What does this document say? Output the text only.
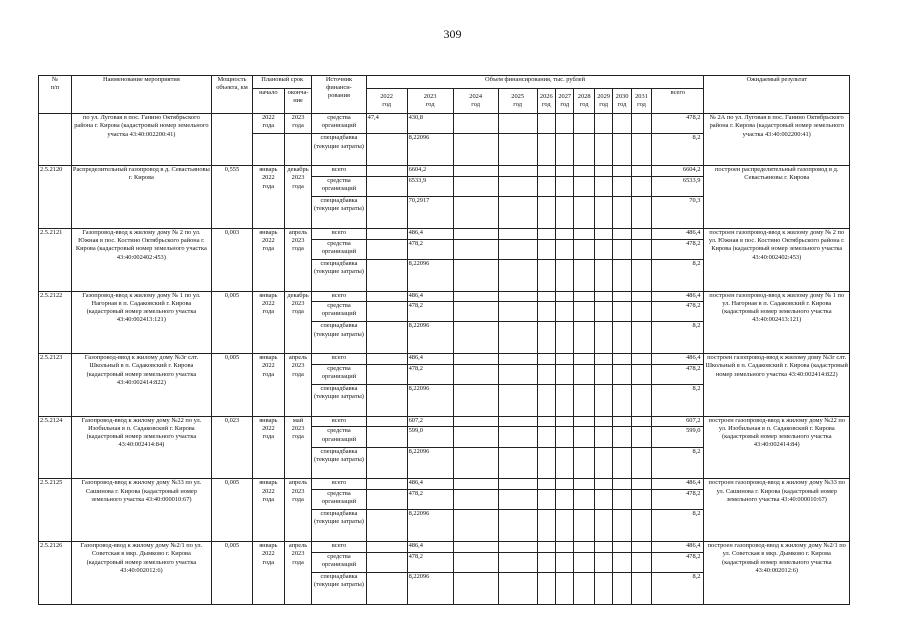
309
№
п/п	Наименование мероприятия	Мощность объекта, км	Плановый срок		Источник финанси-
рования	Объем финансирования, тыс. рублей											Ожидаемый результат
			начало	оконча-
ние		2022
год	2023
год	2024
год	2025
год	2026
год	2027
год	2028
год	2029
год	2030
год	2031
год	всего	
	по ул. Луговая в пос. Ганино Октябрьского района г. Кирова (кадастровый номер земельного участка 43:40:002200:41)		2022
года	2023
года	средства организаций	47,4	430,8									478,2	№ 2А по ул. Луговая в пос. Ганино Октябрьского района г. Кирова (кадастровый номер земельного участка 43:40:002200:41)
					спецнадбавка (текущие затраты)		8,22096									8,2	
2.5.2120	Распределительный газопровод в д. Севастьяновы г. Кирова	0,555	январь
2022
года	декабрь
2023
года	всего		6604,2									6604,2	построен распределительный газопровод в д. Севастьяновы г. Кирова
					средства организаций		6533,9									6533,9	
					спецнадбавка (текущие затраты)		70,2917									70,3	
2.5.2121	Газопровод-ввод к жилому дому № 2 по ул. Южная в пос. Костино Октябрьского района г. Кирова (кадастровый номер земельного участка 43:40:002402:453)	0,003	январь
2022
года	апрель
2023
года	всего		486,4									486,4	построен газопровод-ввод к жилому дому № 2 по ул. Южная в пос. Костино Октябрьского района г. Кирова (кадастровый номер земельного участка 43:40:002402:453)
					средства организаций		478,2									478,2	
					спецнадбавка (текущие затраты)		8,22096									8,2	
2.5.2122	Газопровод-ввод к жилому дому № 1 по ул. Нагорная в п. Садаковский г. Кирова (кадастровый номер земельного участка 43:40:002413:121)	0,005	январь
2022
года	декабрь
2023
года	всего		486,4									486,4	построен газопровод-ввод к жилому дому № 1 по ул. Нагорная в п. Садаковский г. Кирова (кадастровый номер земельного участка 43:40:002413:121)
					средства организаций		478,2									478,2	
					спецнадбавка (текущие затраты)		8,22096									8,2	
2.5.2123	Газопровод-ввод к жилому дому №3г слт. Школьный в п. Садаковский г. Кирова (кадастровый номер земельного участка 43:40:002414:822)	0,005	январь
2022
года	апрель
2023
года	всего		486,4									486,4	построен газопровод-ввод к жилому дому №3г слт. Школьный в п. Садаковский г. Кирова (кадастровый номер земельного участка 43:40:002414:822)
					средства организаций		478,2									478,2	
					спецнадбавка (текущие затраты)		8,22096									8,2	
2.5.2124	Газопровод-ввод к жилому дому №22 по ул. Изобильная в п. Садаковский г. Кирова (кадастровый номер земельного участка 43:40:002414:84)	0,023	январь
2022
года	май
2023
года	всего		607,2									607,2	построен газопровод-ввод к жилому дому №22 по ул. Изобильная в п. Садаковский г. Кирова (кадастровый номер земельного участка 43:40:002414:84)
					средства организаций		599,0									599,0	
					спецнадбавка (текущие затраты)		8,22096									8,2	
2.5.2125	Газопровод-ввод к жилому дому №33 по ул. Сашинова г. Кирова (кадастровый номер земельного участка 43:40:000010:67)	0,005	январь
2022
года	апрель
2023
года	всего		486,4									486,4	построен газопровод-ввод к жилому дому №33 по ул. Сашинова г. Кирова (кадастровый номер земельного участка 43:40:000010:67)
					средства организаций		478,2									478,2	
					спецнадбавка (текущие затраты)		8,22096									8,2	
2.5.2126	Газопровод-ввод к жилому дому №2/1 по ул. Советская в мкр. Дымково г. Кирова (кадастровый номер земельного участка 43:40:002012:6)	0,005	январь
2022
года	апрель
2023
года	всего		486,4									486,4	построен газопровод-ввод к жилому дому №2/1 по ул. Советская в мкр. Дымково г. Кирова (кадастровый номер земельного участка 43:40:002012:6)
					средства организаций		478,2									478,2	
					спецнадбавка (текущие затраты)		8,22096									8,2	
